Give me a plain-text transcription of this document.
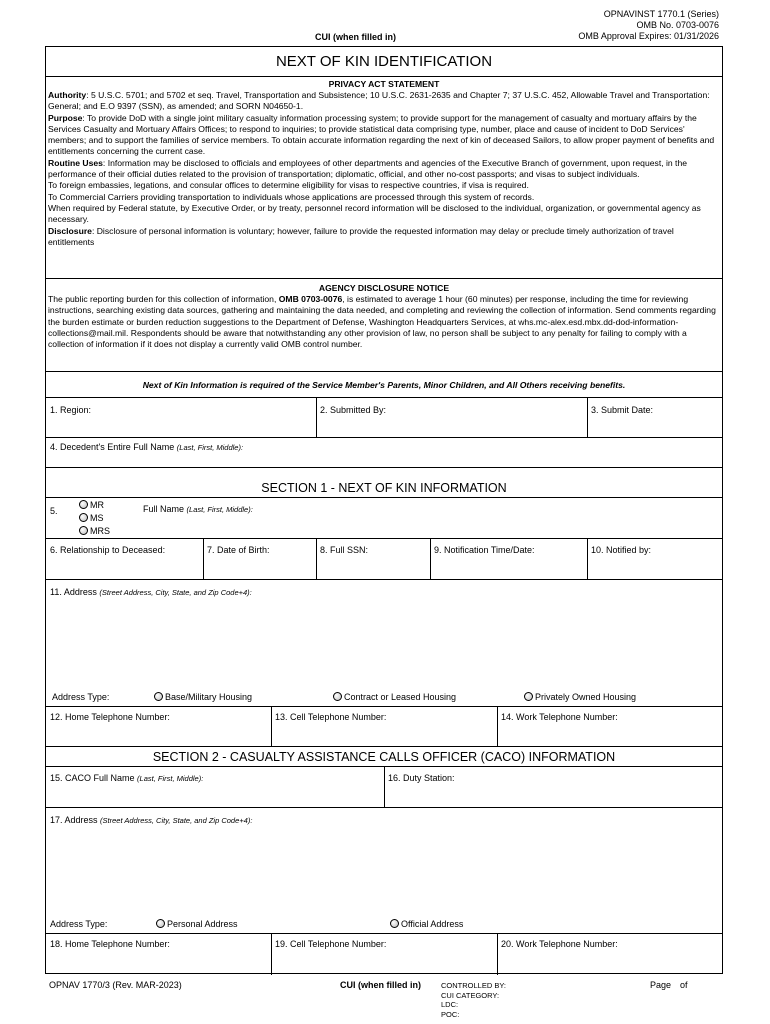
CUI (when filled in)
OPNAVINST 1770.1 (Series)
OMB No. 0703-0076
OMB Approval Expires: 01/31/2026
NEXT OF KIN IDENTIFICATION
PRIVACY ACT STATEMENT

Authority: 5 U.S.C. 5701; and 5702 et seq. Travel, Transportation and Subsistence; 10 U.S.C. 2631-2635 and Chapter 7; 37 U.S.C. 452, Allowable Travel and Transportation: General; and E.O 9397 (SSN), as amended; and SORN N04650-1.

Purpose: To provide DoD with a single joint military casualty information processing system; to provide support for the management of casualty and mortuary affairs by the Services Casualty and Mortuary Affairs Offices; to respond to inquiries; to provide statistical data comprising type, number, place and cause of incident to DoD Services' members; and to support the families of service members. To obtain accurate information regarding the next of kin of deceased Sailors, to allow proper payment of benefits and entitlements concerning the current case.

Routine Uses: Information may be disclosed to officials and employees of other departments and agencies of the Executive Branch of government, upon request, in the performance of their official duties related to the provision of transportation; diplomatic, official, and other no-cost passports; and visas to subject individuals.

To foreign embassies, legations, and consular offices to determine eligibility for visas to respective countries, if visa is required.

To Commercial Carriers providing transportation to individuals whose applications are processed through this system of records.

When required by Federal statute, by Executive Order, or by treaty, personnel record information will be disclosed to the individual, organization, or governmental agency as necessary.

Disclosure: Disclosure of personal information is voluntary; however, failure to provide the requested information may delay or preclude timely authorization of travel entitlements

AGENCY DISCLOSURE NOTICE

The public reporting burden for this collection of information, OMB 0703-0076, is estimated to average 1 hour (60 minutes) per response, including the time for reviewing instructions, searching existing data sources, gathering and maintaining the data needed, and completing and reviewing the collection of information. Send comments regarding the burden estimate or burden reduction suggestions to the Department of Defense, Washington Headquarters Services, at whs.mc-alex.esd.mbx.dd-dod-information-collections@mail.mil. Respondents should be aware that notwithstanding any other provision of law, no person shall be subject to any penalty for failing to comply with a collection of information if it does not display a currently valid OMB control number.

Next of Kin Information is required of the Service Member's Parents, Minor Children, and All Others receiving benefits.
1. Region:	2. Submitted By:	3. Submit Date:
4. Decedent's Entire Full Name (Last, First, Middle):
SECTION 1 - NEXT OF KIN INFORMATION
5.
MR
MS
MRS
Full Name (Last, First, Middle):
6. Relationship to Deceased:	7. Date of Birth:	8. Full SSN:	9. Notification Time/Date:	10. Notified by:
11. Address (Street Address, City, State, and Zip Code+4):
Address Type:	Base/Military Housing	Contract or Leased Housing	Privately Owned Housing
12. Home Telephone Number:	13. Cell Telephone Number:	14. Work Telephone Number:
SECTION 2 - CASUALTY ASSISTANCE CALLS OFFICER (CACO) INFORMATION
15. CACO Full Name (Last, First, Middle):	16. Duty Station:
17. Address (Street Address, City, State, and Zip Code+4):
Address Type:	Personal Address	Official Address
18. Home Telephone Number:	19. Cell Telephone Number:	20. Work Telephone Number:
OPNAV 1770/3 (Rev. MAR-2023)	CUI (when filled in)	CONTROLLED BY:
CUI CATEGORY:
LDC:
POC:
Page of
